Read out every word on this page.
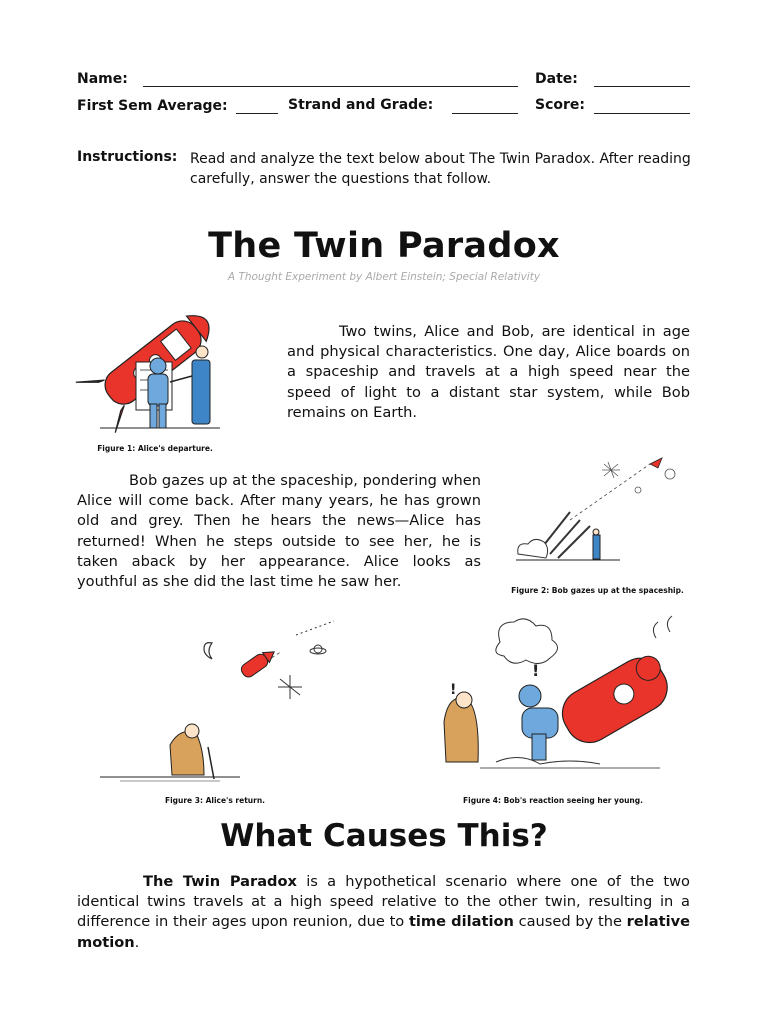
Name:	Date:
First Sem Average:	Strand and Grade:	Score:
Instructions: Read and analyze the text below about The Twin Paradox. After reading carefully, answer the questions that follow.
The Twin Paradox
A Thought Experiment by Albert Einstein; Special Relativity
Figure 1: Alice's departure.
Two twins, Alice and Bob, are identical in age and physical characteristics. One day, Alice boards on a spaceship and travels at a high speed near the speed of light to a distant star system, while Bob remains on Earth.
Bob gazes up at the spaceship, pondering when Alice will come back. After many years, he has grown old and grey. Then he hears the news—Alice has returned! When he steps outside to see her, he is taken aback by her appearance. Alice looks as youthful as she did the last time he saw her.
Figure 2: Bob gazes up at the spaceship.
Figure 3: Alice's return.
!
!
Figure 4: Bob's reaction seeing her young.
What Causes This?
The Twin Paradox is a hypothetical scenario where one of the two identical twins travels at a high speed relative to the other twin, resulting in a difference in their ages upon reunion, due to time dilation caused by the relative motion.
